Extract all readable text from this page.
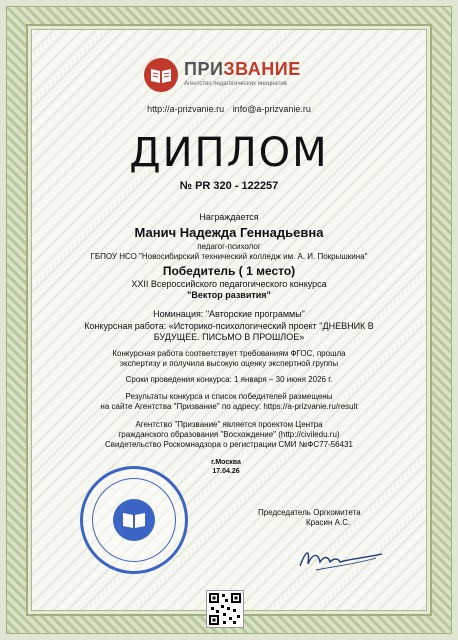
ПРИЗВАНИЕ
Агентство педагогических инициатив
http://a-prizvanie.ru info@a-prizvanie.ru
ДИПЛОМ
№ PR 320 - 122257
Награждается
Манич Надежда Геннадьевна
педагог-психолог
ГБПОУ НСО "Новосибирский технический колледж им. А. И. Покрышкина"
Победитель ( 1 место)
XXII Всероссийского педагогического конкурса
"Вектор развития"
Номинация: "Авторские программы"
Конкурсная работа: «Историко-психологический проект "ДНЕВНИК В
БУДУЩЕЕ. ПИСЬМО В ПРОШЛОЕ»
Конкурсная работа соответствует требованиям ФГОС, прошла
экспертизу и получила высокую оценку экспертной группы
Сроки проведения конкурса: 1 января – 30 июня 2026 г.
Результаты конкурса и список победителей размещены
на сайте Агентства "Призвание" по адресу: https://a-prizvanie.ru/result
Агентство "Призвание" является проектом Центра
гражданского образования "Восхождение" (http://civiledu.ru)
Свидетельство Роскомнадзора о регистрации СМИ №ФС77-56431
г.Москва
17.04.26
Председатель Оргкомитета
Красин А.С.
